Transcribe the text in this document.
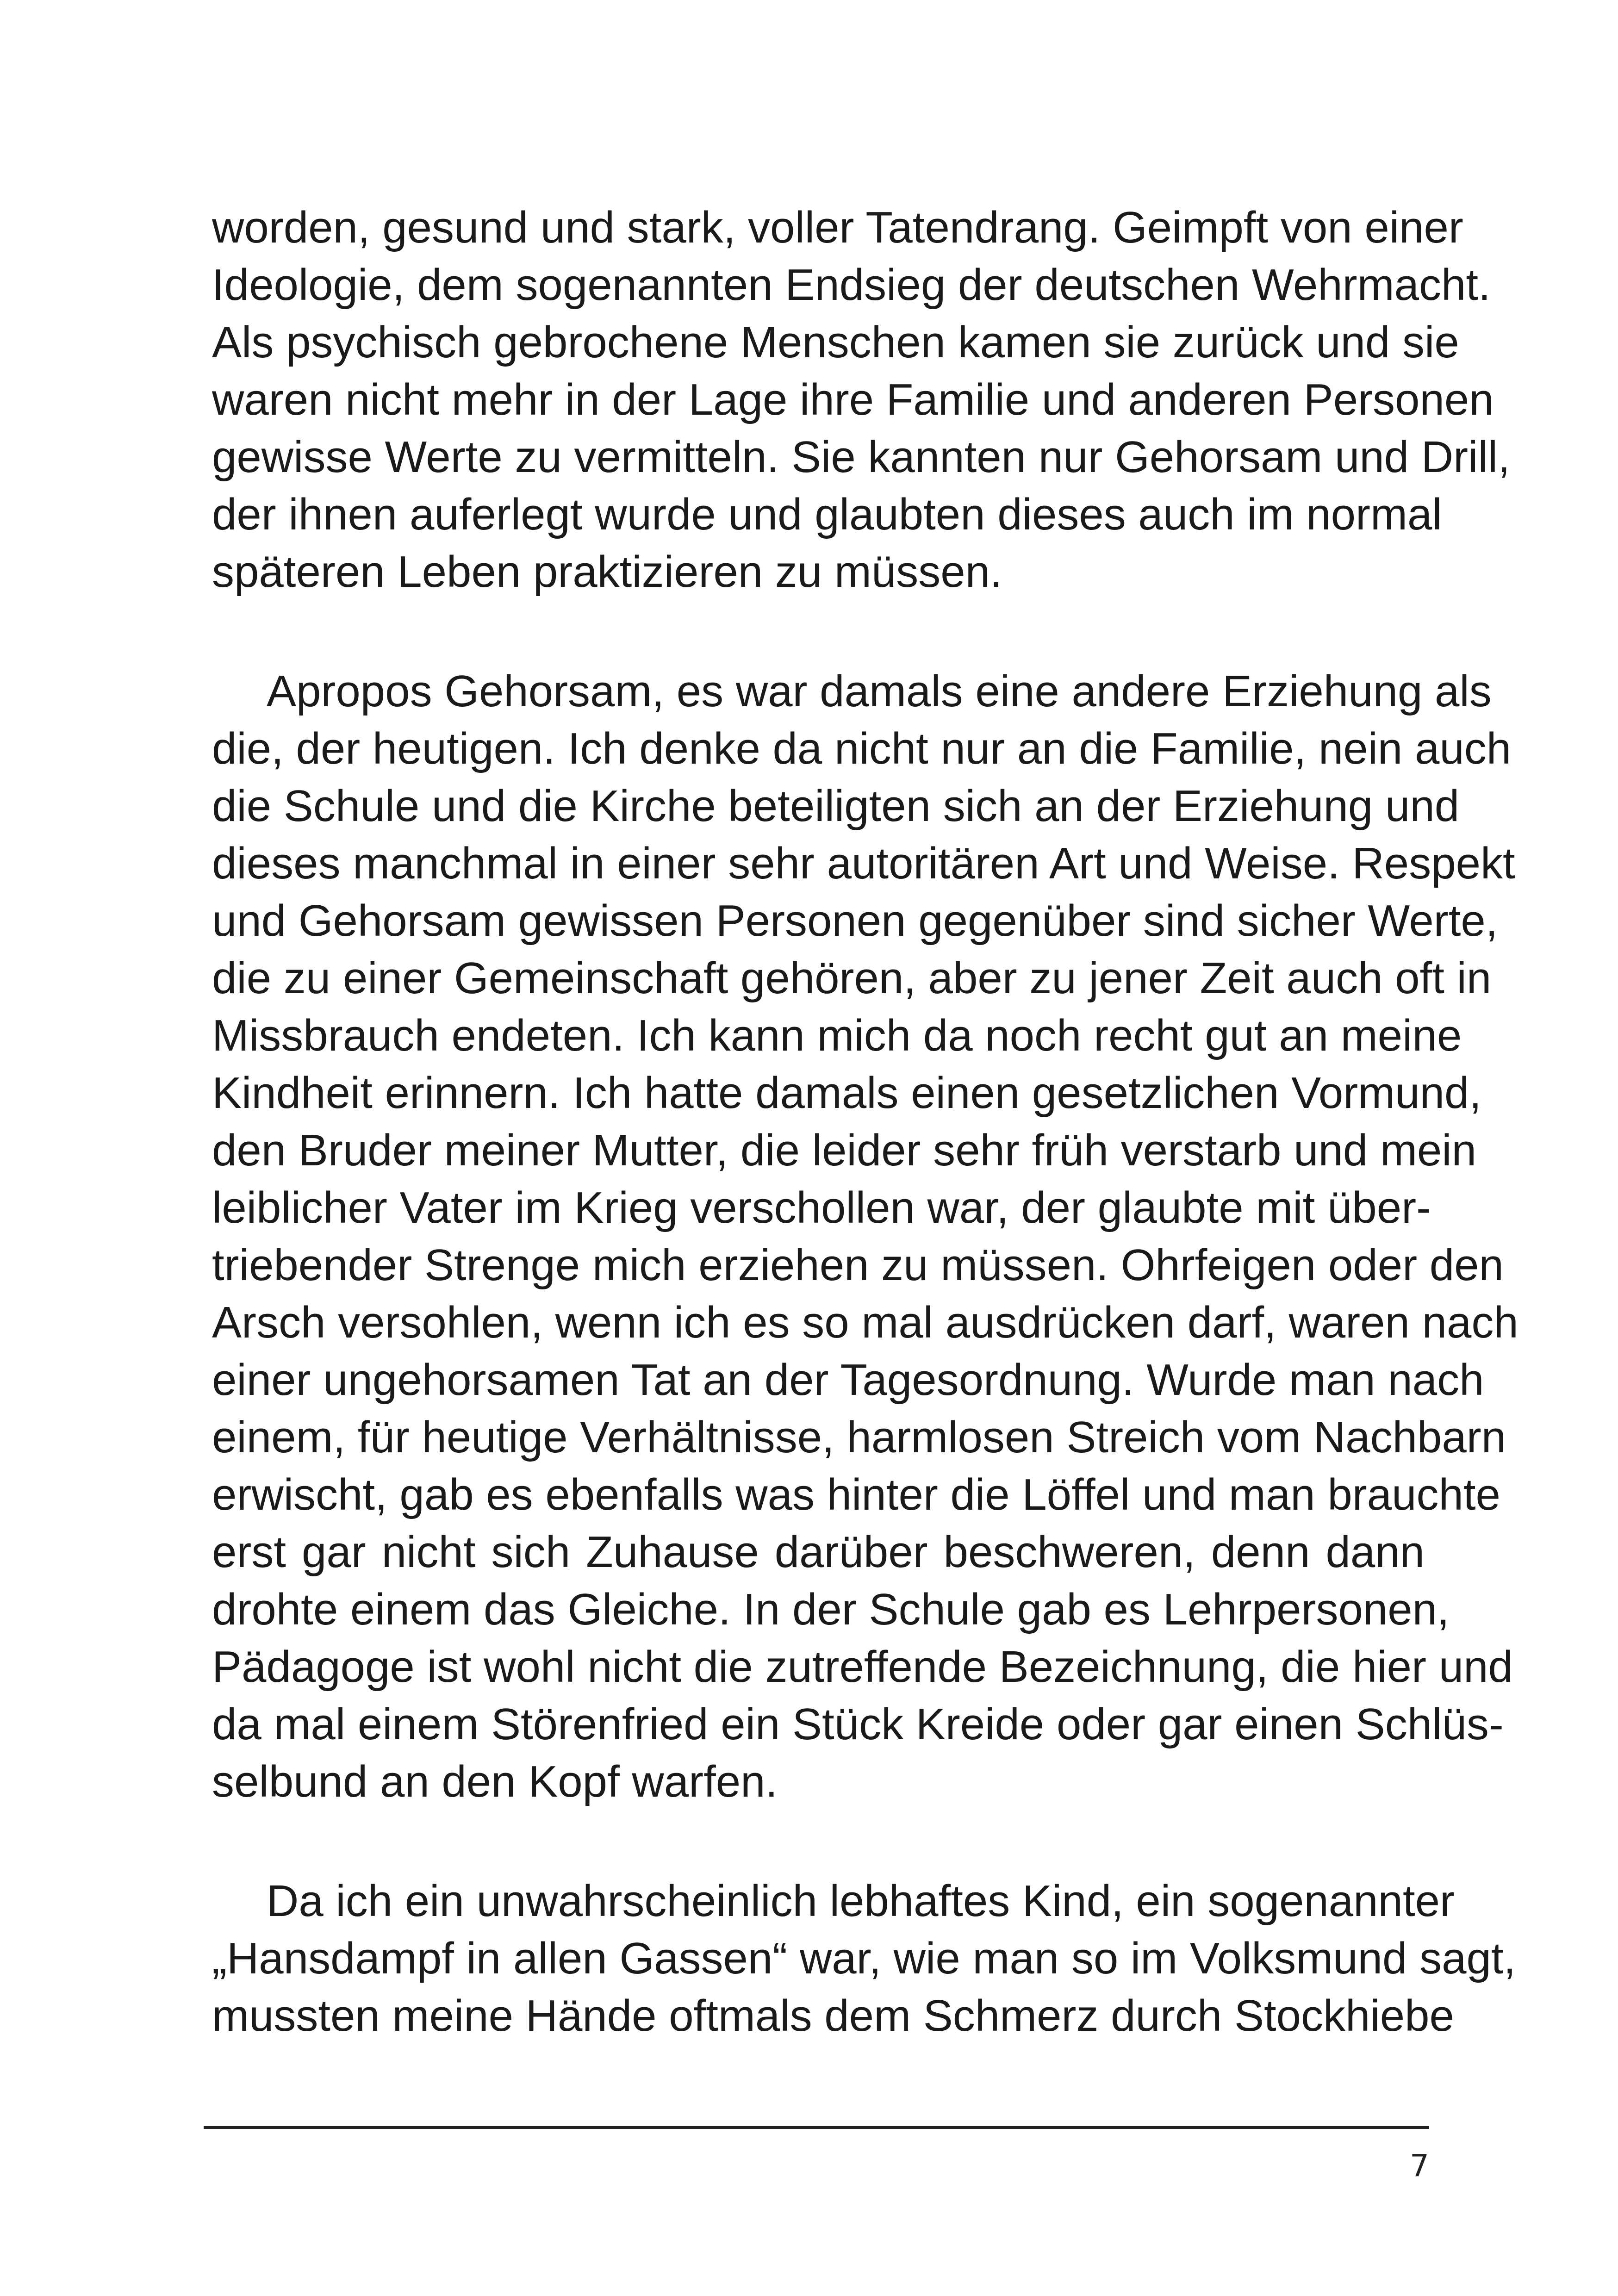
worden, gesund und stark, voller Tatendrang. Geimpft von einer
Ideologie, dem sogenannten Endsieg der deutschen Wehrmacht.
Als psychisch gebrochene Menschen kamen sie zurück und sie
waren nicht mehr in der Lage ihre Familie und anderen Personen
gewisse Werte zu vermitteln. Sie kannten nur Gehorsam und Drill,
der ihnen auferlegt wurde und glaubten dieses auch im normal
späteren Leben praktizieren zu müssen.
Apropos Gehorsam, es war damals eine andere Erziehung als
die, der heutigen. Ich denke da nicht nur an die Familie, nein auch
die Schule und die Kirche beteiligten sich an der Erziehung und
dieses manchmal in einer sehr autoritären Art und Weise. Respekt
und Gehorsam gewissen Personen gegenüber sind sicher Werte,
die zu einer Gemeinschaft gehören, aber zu jener Zeit auch oft in
Missbrauch endeten. Ich kann mich da noch recht gut an meine
Kindheit erinnern. Ich hatte damals einen gesetzlichen Vormund,
den Bruder meiner Mutter, die leider sehr früh verstarb und mein
leiblicher Vater im Krieg verschollen war, der glaubte mit über-
triebender Strenge mich erziehen zu müssen. Ohrfeigen oder den
Arsch versohlen, wenn ich es so mal ausdrücken darf, waren nach
einer ungehorsamen Tat an der Tagesordnung. Wurde man nach
einem, für heutige Verhältnisse, harmlosen Streich vom Nachbarn
erwischt, gab es ebenfalls was hinter die Löffel und man brauchte
erst gar nicht sich Zuhause darüber beschweren, denn dann
drohte einem das Gleiche. In der Schule gab es Lehrpersonen,
Pädagoge ist wohl nicht die zutreffende Bezeichnung, die hier und
da mal einem Störenfried ein Stück Kreide oder gar einen Schlüs-
selbund an den Kopf warfen.
Da ich ein unwahrscheinlich lebhaftes Kind, ein sogenannter
„Hansdampf in allen Gassen“ war, wie man so im Volksmund sagt,
mussten meine Hände oftmals dem Schmerz durch Stockhiebe
7
